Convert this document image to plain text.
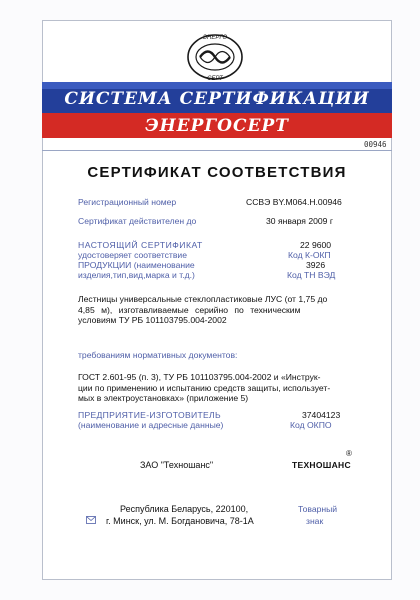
ЭНЕРГО
СЕРТ
СИСТЕМА СЕРТИФИКАЦИИ
ЭНЕРГОСЕРТ
00946
СЕРТИФИКАТ СООТВЕТСТВИЯ
Регистрационный номер	ССВЭ BY.М064.Н.00946
Сертификат действителен до	30 января 2009 г
НАСТОЯЩИЙ СЕРТИФИКАТ
удостоверяет соответствие
ПРОДУКЦИИ (наименование
изделия,тип,вид,марка и т.д.)
22 9600
Код К-ОКП
3926
Код ТН ВЭД
Лестницы универсальные стеклопластиковые ЛУС (от 1,75 до
4,85 м), изготавливаемые серийно по техническим
условиям ТУ РБ 101103795.004-2002
требованиям нормативных документов:
ГОСТ 2.601-95 (п. 3), ТУ РБ 101103795.004-2002 и «Инструк-
ции по применению и испытанию средств защиты, использует-
мых в электроустановках» (приложение 5)
ПРЕДПРИЯТИЕ-ИЗГОТОВИТЕЛЬ
(наименование и адресные данные)
37404123
Код ОКПО
ЗАО "Техношанс"
®
ТЕХНОШАНС
Республика Беларусь, 220100,
г. Минск, ул. М. Богдановича, 78-1А
Товарный
знак
